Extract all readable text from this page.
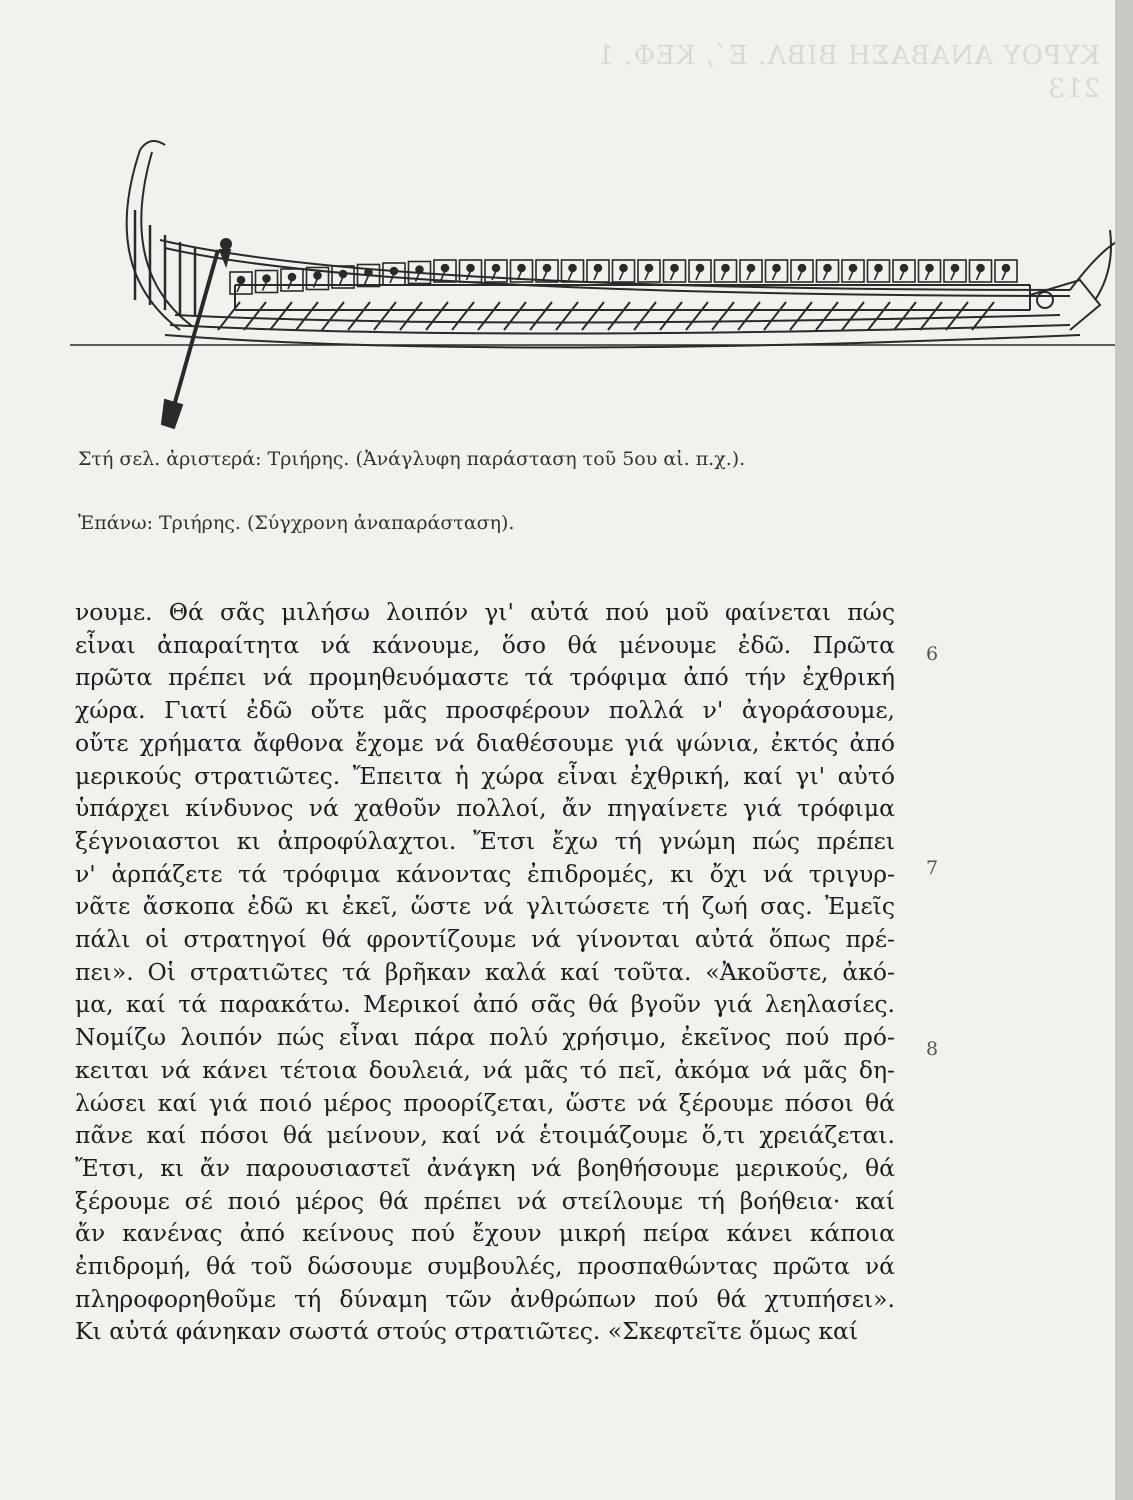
ΚΥΡΟΥ ΑΝΑΒΑΣΗ ΒΙΒΛ. Ε΄, ΚΕΦ. 1
213
Στή σελ. ἀριστερά: Τριήρης. (Ἀνάγλυφη παράσταση τοῦ 5ου αἰ. π.χ.).
Ἐπάνω: Τριήρης. (Σύγχρονη ἀναπαράσταση).
νουμε. Θά σᾶς μιλήσω λοιπόν γι' αὐτά πού μοῦ φαίνεται πώς
εἶναι ἀπαραίτητα νά κάνουμε, ὅσο θά μένουμε ἐδῶ. Πρῶτα
πρῶτα πρέπει νά προμηθευόμαστε τά τρόφιμα ἀπό τήν ἐχθρική
χώρα. Γιατί ἐδῶ οὔτε μᾶς προσφέρουν πολλά ν' ἀγοράσουμε,
οὔτε χρήματα ἄφθονα ἔχομε νά διαθέσουμε γιά ψώνια, ἐκτός ἀπό
μερικούς στρατιῶτες. Ἔπειτα ἡ χώρα εἶναι ἐχθρική, καί γι' αὐτό
ὑπάρχει κίνδυνος νά χαθοῦν πολλοί, ἄν πηγαίνετε γιά τρόφιμα
ξέγνοιαστοι κι ἀπροφύλαχτοι. Ἔτσι ἔχω τή γνώμη πώς πρέπει
ν' ἁρπάζετε τά τρόφιμα κάνοντας ἐπιδρομές, κι ὄχι νά τριγυρ-
νᾶτε ἄσκοπα ἐδῶ κι ἐκεῖ, ὥστε νά γλιτώσετε τή ζωή σας. Ἐμεῖς
πάλι οἱ στρατηγοί θά φροντίζουμε νά γίνονται αὐτά ὅπως πρέ-
πει». Οἱ στρατιῶτες τά βρῆκαν καλά καί τοῦτα. «Ἀκοῦστε, ἀκό-
μα, καί τά παρακάτω. Μερικοί ἀπό σᾶς θά βγοῦν γιά λεηλασίες.
Νομίζω λοιπόν πώς εἶναι πάρα πολύ χρήσιμο, ἐκεῖνος πού πρό-
κειται νά κάνει τέτοια δουλειά, νά μᾶς τό πεῖ, ἀκόμα νά μᾶς δη-
λώσει καί γιά ποιό μέρος προορίζεται, ὥστε νά ξέρουμε πόσοι θά
πᾶνε καί πόσοι θά μείνουν, καί νά ἑτοιμάζουμε ὅ,τι χρειάζεται.
Ἔτσι, κι ἄν παρουσιαστεῖ ἀνάγκη νά βοηθήσουμε μερικούς, θά
ξέρουμε σέ ποιό μέρος θά πρέπει νά στείλουμε τή βοήθεια· καί
ἄν κανένας ἀπό κείνους πού ἔχουν μικρή πείρα κάνει κάποια
ἐπιδρομή, θά τοῦ δώσουμε συμβουλές, προσπαθώντας πρῶτα νά
πληροφορηθοῦμε τή δύναμη τῶν ἀνθρώπων πού θά χτυπήσει».
Κι αὐτά φάνηκαν σωστά στούς στρατιῶτες. «Σκεφτεῖτε ὅμως καί
6
7
8
